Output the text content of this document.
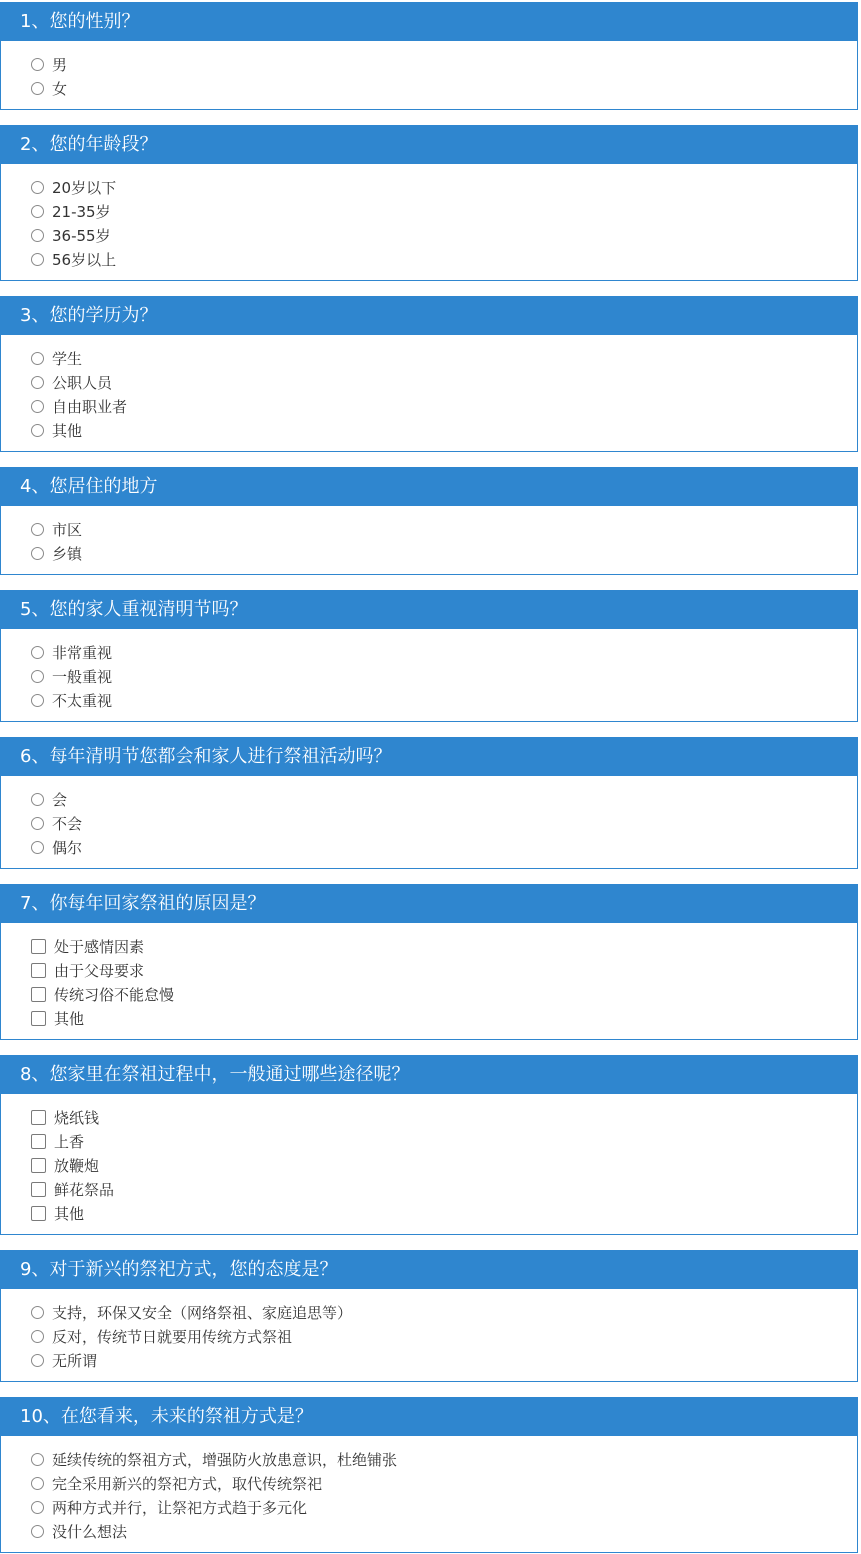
1、您的性别？
男
女
2、您的年龄段？
20岁以下
21-35岁
36-55岁
56岁以上
3、您的学历为？
学生
公职人员
自由职业者
其他
4、您居住的地方
市区
乡镇
5、您的家人重视清明节吗？
非常重视
一般重视
不太重视
6、每年清明节您都会和家人进行祭祖活动吗？
会
不会
偶尔
7、你每年回家祭祖的原因是？
处于感情因素
由于父母要求
传统习俗不能怠慢
其他
8、您家里在祭祖过程中，一般通过哪些途径呢？
烧纸钱
上香
放鞭炮
鲜花祭品
其他
9、对于新兴的祭祀方式，您的态度是？
支持，环保又安全（网络祭祖、家庭追思等）
反对，传统节日就要用传统方式祭祖
无所谓
10、在您看来，未来的祭祖方式是？
延续传统的祭祖方式，增强防火放患意识，杜绝铺张
完全采用新兴的祭祀方式，取代传统祭祀
两种方式并行，让祭祀方式趋于多元化
没什么想法
